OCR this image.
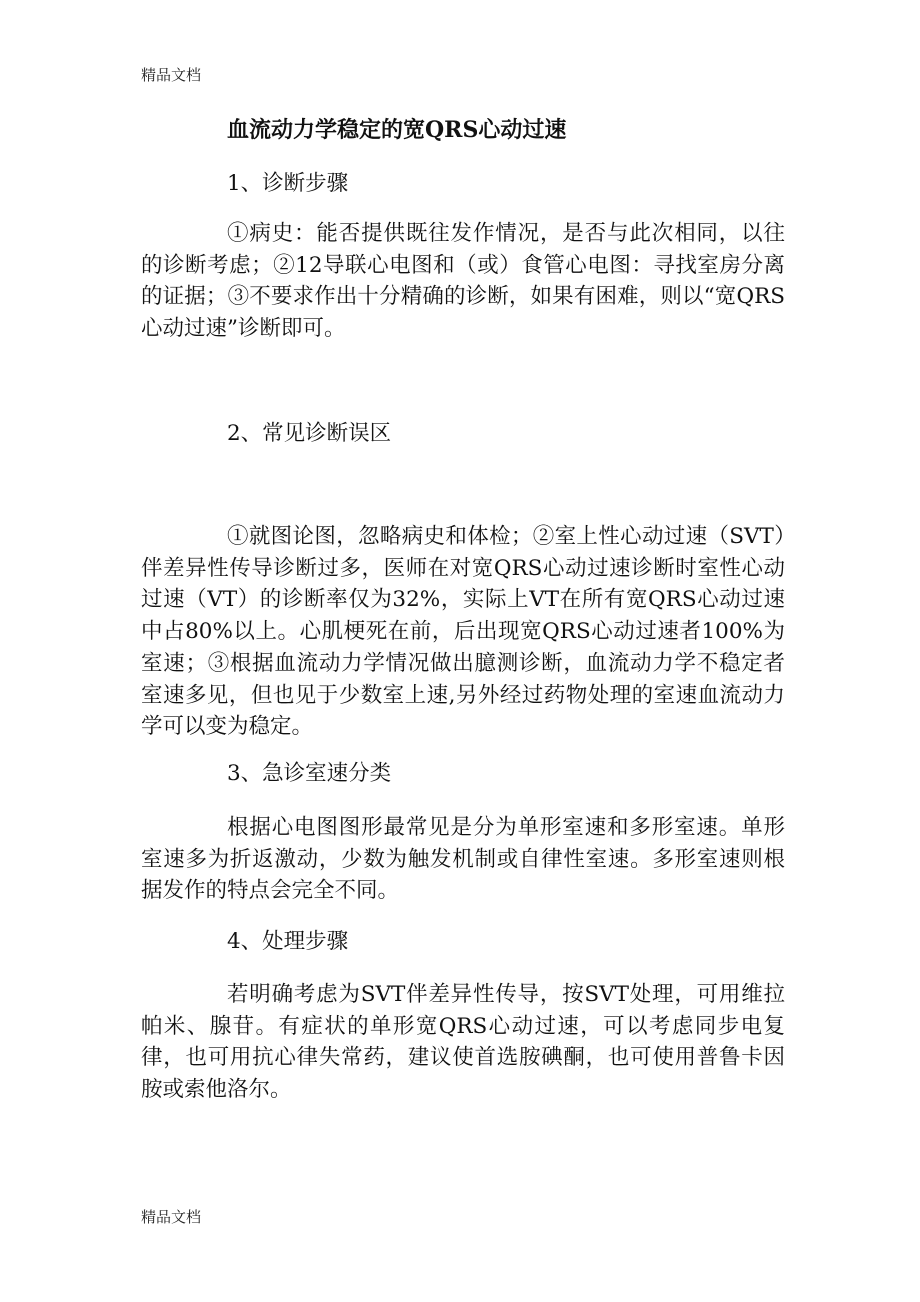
精品文档
血流动力学稳定的宽QRS心动过速
1、诊断步骤

①病史：能否提供既往发作情况，是否与此次相同，以往的诊断考虑；②12导联心电图和（或）食管心电图：寻找室房分离的证据；③不要求作出十分精确的诊断，如果有困难，则以“宽QRS心动过速”诊断即可。

2、常见诊断误区

①就图论图，忽略病史和体检；②室上性心动过速（SVT）伴差异性传导诊断过多，医师在对宽QRS心动过速诊断时室性心动过速（VT）的诊断率仅为32%，实际上VT在所有宽QRS心动过速中占80%以上。心肌梗死在前，后出现宽QRS心动过速者100%为室速；③根据血流动力学情况做出臆测诊断，血流动力学不稳定者室速多见，但也见于少数室上速,另外经过药物处理的室速血流动力学可以变为稳定。

3、急诊室速分类

根据心电图图形最常见是分为单形室速和多形室速。单形室速多为折返激动，少数为触发机制或自律性室速。多形室速则根据发作的特点会完全不同。

4、处理步骤

若明确考虑为SVT伴差异性传导，按SVT处理，可用维拉帕米、腺苷。有症状的单形宽QRS心动过速，可以考虑同步电复律，也可用抗心律失常药，建议使首选胺碘酮，也可使用普鲁卡因胺或索他洛尔。

精品文档
